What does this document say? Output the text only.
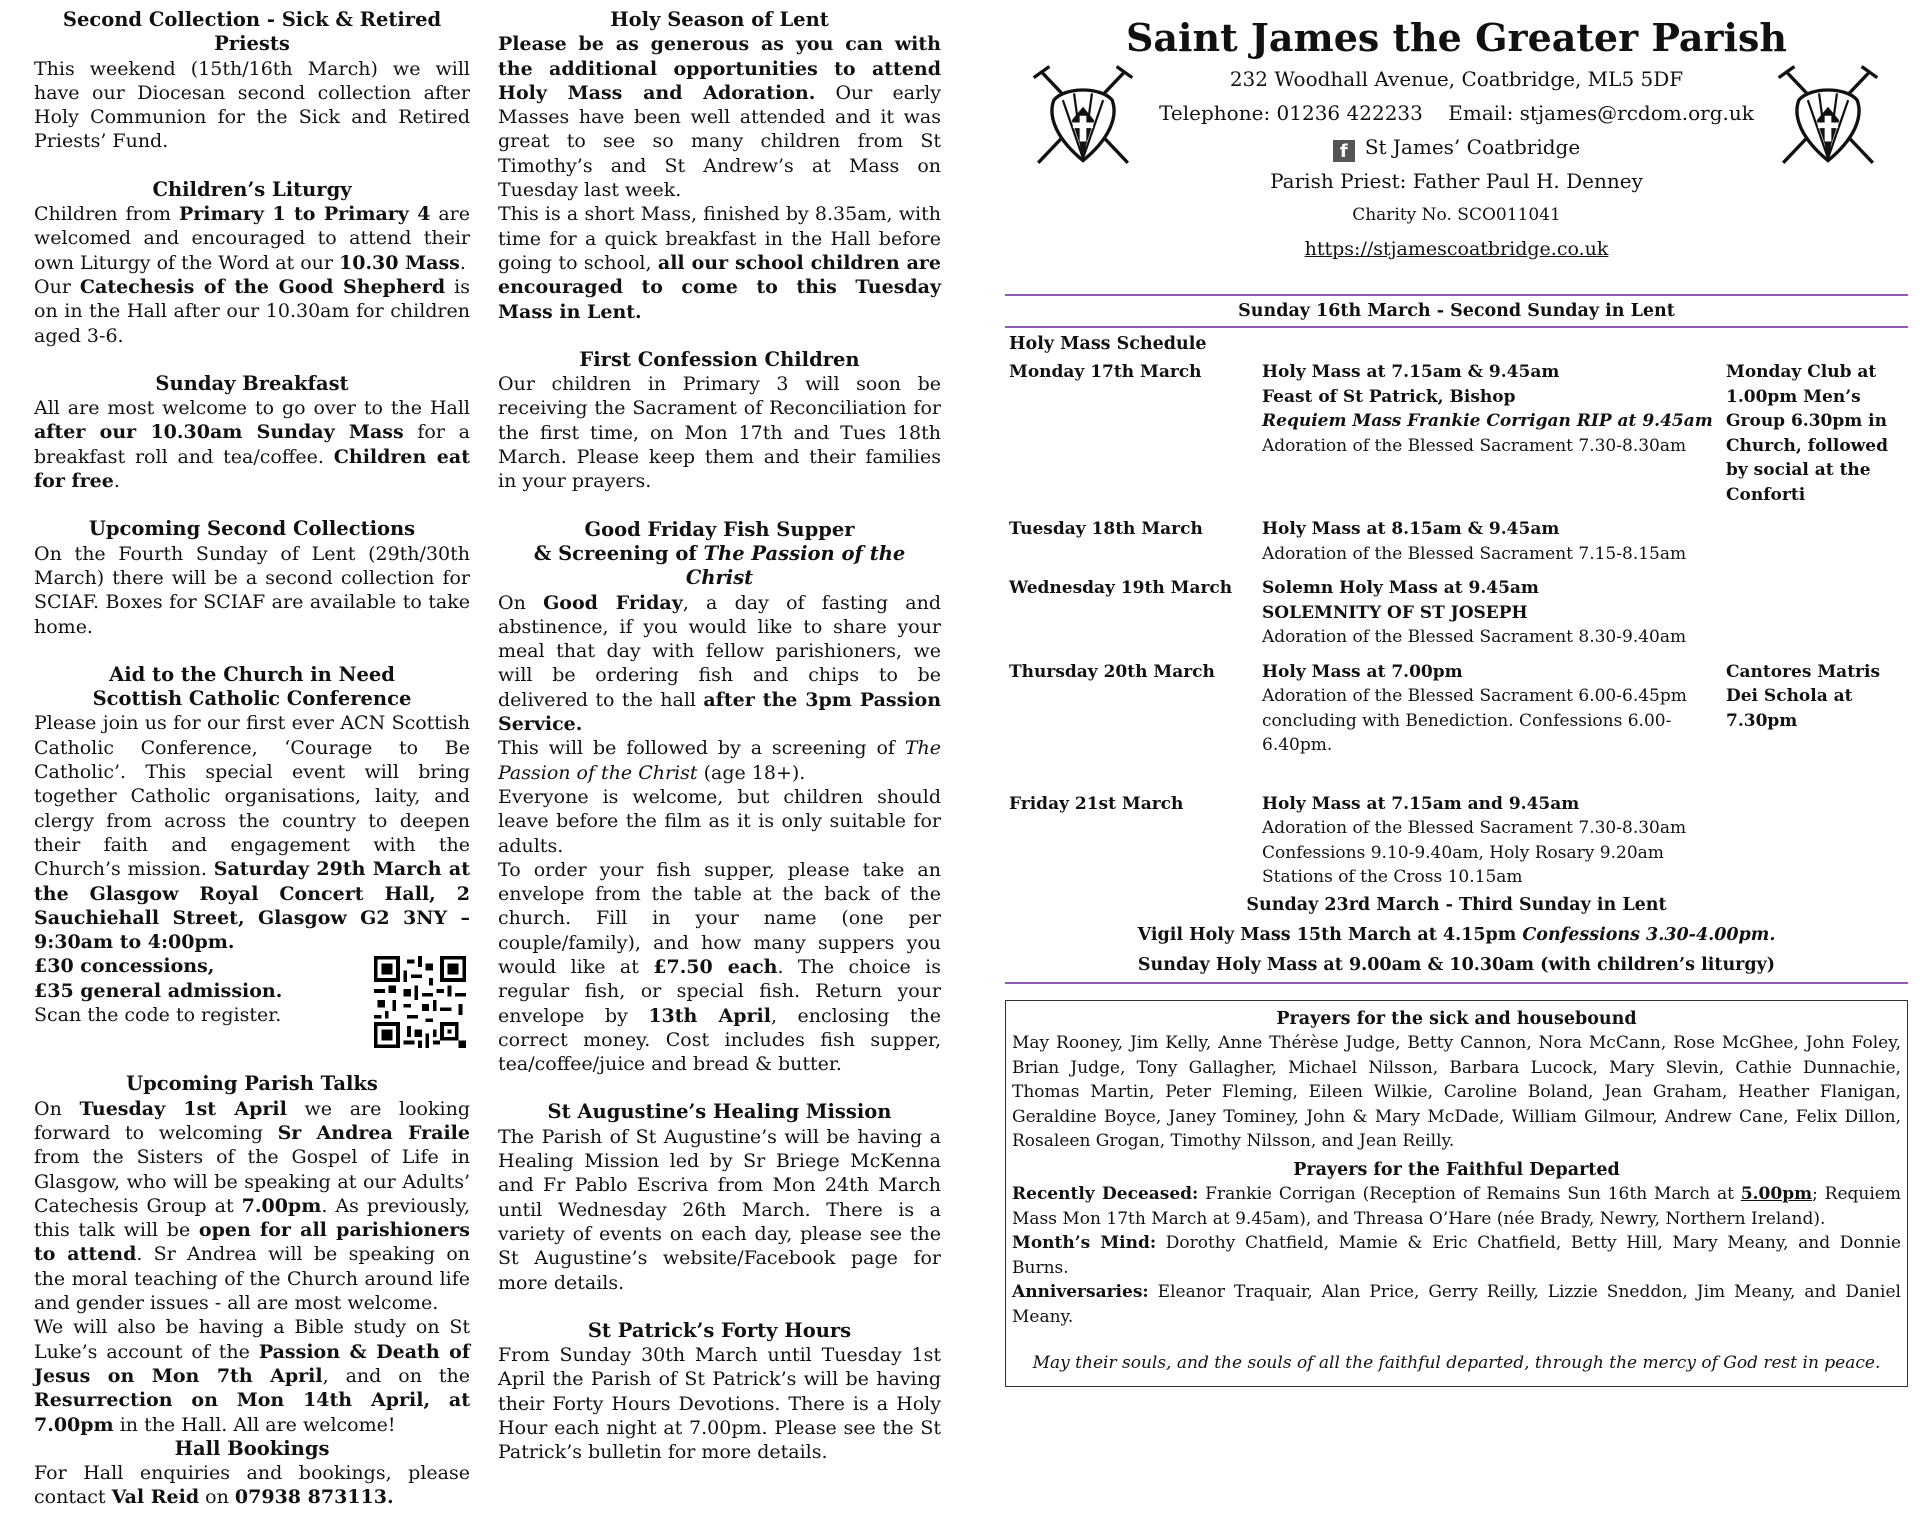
Second Collection - Sick & Retired Priests

This weekend (15th/16th March) we will have our Diocesan second collection after Holy Communion for the Sick and Retired Priests’ Fund.

Children’s Liturgy

Children from Primary 1 to Primary 4 are welcomed and encouraged to attend their own Liturgy of the Word at our 10.30 Mass.
Our Catechesis of the Good Shepherd is on in the Hall after our 10.30am for children aged 3-6.

Sunday Breakfast

All are most welcome to go over to the Hall after our 10.30am Sunday Mass for a breakfast roll and tea/coffee. Children eat for free.

Upcoming Second Collections

On the Fourth Sunday of Lent (29th/30th March) there will be a second collection for SCIAF. Boxes for SCIAF are available to take home.

Aid to the Church in Need
Scottish Catholic Conference

Please join us for our first ever ACN Scottish Catholic Conference, ‘Courage to Be Catholic’. This special event will bring together Catholic organisations, laity, and clergy from across the country to deepen their faith and engagement with the Church’s mission. Saturday 29th March at the Glasgow Royal Concert Hall, 2 Sauchiehall Street, Glasgow G2 3NY – 9:30am to 4:00pm.

£30 concessions,
£35 general admission.
Scan the code to register.

Upcoming Parish Talks

On Tuesday 1st April we are looking forward to welcoming Sr Andrea Fraile from the Sisters of the Gospel of Life in Glasgow, who will be speaking at our Adults’ Catechesis Group at 7.00pm. As previously, this talk will be open for all parishioners to attend. Sr Andrea will be speaking on the moral teaching of the Church around life and gender issues - all are most welcome.
We will also be having a Bible study on St Luke’s account of the Passion & Death of Jesus on Mon 7th April, and on the Resurrection on Mon 14th April, at 7.00pm in the Hall. All are welcome!

Hall Bookings

For Hall enquiries and bookings, please contact Val Reid on 07938 873113.

Holy Season of Lent

Please be as generous as you can with the additional opportunities to attend Holy Mass and Adoration. Our early Masses have been well attended and it was great to see so many children from St Timothy’s and St Andrew’s at Mass on Tuesday last week.
This is a short Mass, finished by 8.35am, with time for a quick breakfast in the Hall before going to school, all our school children are encouraged to come to this Tuesday Mass in Lent.

First Confession Children

Our children in Primary 3 will soon be receiving the Sacrament of Reconciliation for the first time, on Mon 17th and Tues 18th March. Please keep them and their families in your prayers.

Good Friday Fish Supper
& Screening of The Passion of the Christ

On Good Friday, a day of fasting and abstinence, if you would like to share your meal that day with fellow parishioners, we will be ordering fish and chips to be delivered to the hall after the 3pm Passion Service.
This will be followed by a screening of The Passion of the Christ (age 18+).
Everyone is welcome, but children should leave before the film as it is only suitable for adults.
To order your fish supper, please take an envelope from the table at the back of the church. Fill in your name (one per couple/family), and how many suppers you would like at £7.50 each. The choice is regular fish, or special fish. Return your envelope by 13th April, enclosing the correct money. Cost includes fish supper, tea/coffee/juice and bread & butter.

St Augustine’s Healing Mission

The Parish of St Augustine’s will be having a Healing Mission led by Sr Briege McKenna and Fr Pablo Escriva from Mon 24th March until Wednesday 26th March. There is a variety of events on each day, please see the St Augustine’s website/Facebook page for more details.

St Patrick’s Forty Hours

From Sunday 30th March until Tuesday 1st April the Parish of St Patrick’s will be having their Forty Hours Devotions. There is a Holy Hour each night at 7.00pm. Please see the St Patrick’s bulletin for more details.

Saint James the Greater Parish
232 Woodhall Avenue, Coatbridge, ML5 5DF
Telephone: 01236 422233    Email: stjames@rcdom.org.uk
f St James’ Coatbridge
Parish Priest: Father Paul H. Denney
Charity No. SCO011041
https://stjamescoatbridge.co.uk
Sunday 16th March - Second Sunday in Lent
Holy Mass Schedule
Monday 17th March	Holy Mass at 7.15am & 9.45am
Feast of St Patrick, Bishop
Requiem Mass Frankie Corrigan RIP at 9.45am
Adoration of the Blessed Sacrament 7.30-8.30am	Monday Club at 1.00pm Men’s Group 6.30pm in Church, followed by social at the Conforti

Tuesday 18th March	Holy Mass at 8.15am & 9.45am
Adoration of the Blessed Sacrament 7.15-8.15am	

Wednesday 19th March	Solemn Holy Mass at 9.45am
SOLEMNITY OF ST JOSEPH
Adoration of the Blessed Sacrament 8.30-9.40am	

Thursday 20th March	Holy Mass at 7.00pm
Adoration of the Blessed Sacrament 6.00-6.45pm concluding with Benediction. Confessions 6.00-6.40pm.	Cantores Matris Dei Schola at 7.30pm

Friday 21st March	Holy Mass at 7.15am and 9.45am
Adoration of the Blessed Sacrament 7.30-8.30am
Confessions 9.10-9.40am, Holy Rosary 9.20am
Stations of the Cross 10.15am	

Sunday 23rd March - Third Sunday in Lent
Vigil Holy Mass 15th March at 4.15pm Confessions 3.30-4.00pm.
Sunday Holy Mass at 9.00am & 10.30am (with children’s liturgy)
Prayers for the sick and housebound

May Rooney, Jim Kelly, Anne Thérèse Judge, Betty Cannon, Nora McCann, Rose McGhee, John Foley, Brian Judge, Tony Gallagher, Michael Nilsson, Barbara Lucock, Mary Slevin, Cathie Dunnachie, Thomas Martin, Peter Fleming, Eileen Wilkie, Caroline Boland, Jean Graham, Heather Flanigan, Geraldine Boyce, Janey Tominey, John & Mary McDade, William Gilmour, Andrew Cane, Felix Dillon, Rosaleen Grogan, Timothy Nilsson, and Jean Reilly.

Prayers for the Faithful Departed

Recently Deceased: Frankie Corrigan (Reception of Remains Sun 16th March at 5.00pm; Requiem Mass Mon 17th March at 9.45am), and Threasa O’Hare (née Brady, Newry, Northern Ireland).

Month’s Mind: Dorothy Chatfield, Mamie & Eric Chatfield, Betty Hill, Mary Meany, and Donnie Burns.

Anniversaries: Eleanor Traquair, Alan Price, Gerry Reilly, Lizzie Sneddon, Jim Meany, and Daniel Meany.

May their souls, and the souls of all the faithful departed, through the mercy of God rest in peace.
